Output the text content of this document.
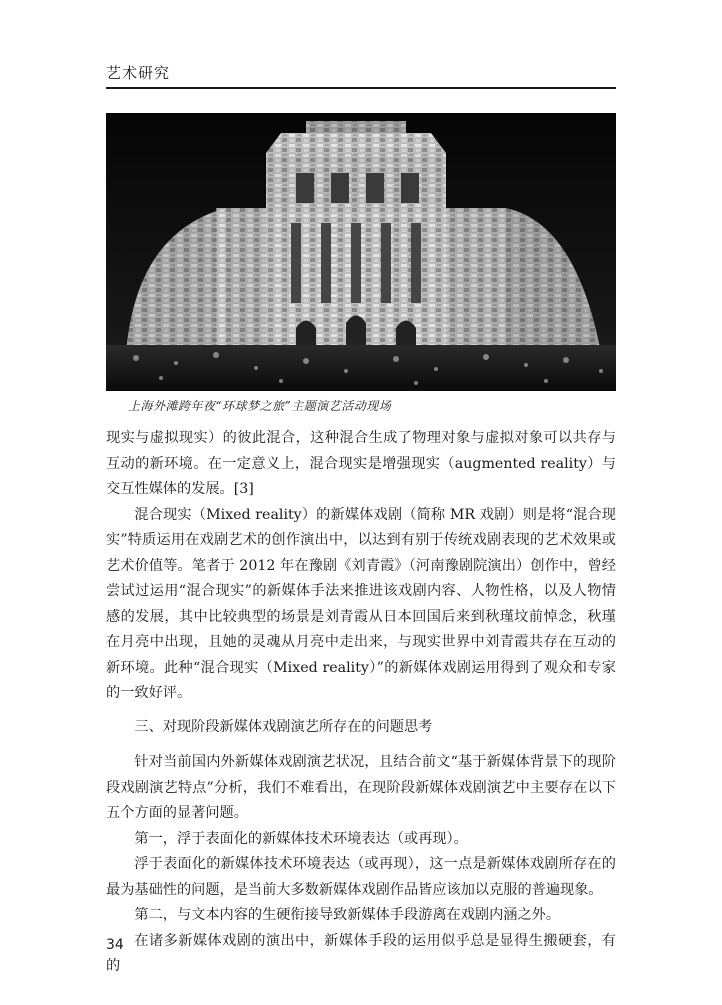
艺术研究
上海外滩跨年夜“环球梦之旅”主题演艺活动现场

现实与虚拟现实）的彼此混合，这种混合生成了物理对象与虚拟对象可以共存与互动的新环境。在一定意义上，混合现实是增强现实（augmented reality）与交互性媒体的发展。[3]

混合现实（Mixed reality）的新媒体戏剧（简称 MR 戏剧）则是将“混合现实”特质运用在戏剧艺术的创作演出中，以达到有别于传统戏剧表现的艺术效果或艺术价值等。笔者于 2012 年在豫剧《刘青霞》（河南豫剧院演出）创作中，曾经尝试过运用“混合现实”的新媒体手法来推进该戏剧内容、人物性格，以及人物情感的发展，其中比较典型的场景是刘青霞从日本回国后来到秋瑾坟前悼念，秋瑾在月亮中出现，且她的灵魂从月亮中走出来，与现实世界中刘青霞共存在互动的新环境。此种“混合现实（Mixed reality）”的新媒体戏剧运用得到了观众和专家的一致好评。

三、对现阶段新媒体戏剧演艺所存在的问题思考

针对当前国内外新媒体戏剧演艺状况，且结合前文“基于新媒体背景下的现阶段戏剧演艺特点”分析，我们不难看出，在现阶段新媒体戏剧演艺中主要存在以下五个方面的显著问题。

第一，浮于表面化的新媒体技术环境表达（或再现）。

浮于表面化的新媒体技术环境表达（或再现），这一点是新媒体戏剧所存在的最为基础性的问题，是当前大多数新媒体戏剧作品皆应该加以克服的普遍现象。

第二，与文本内容的生硬衔接导致新媒体手段游离在戏剧内涵之外。

在诸多新媒体戏剧的演出中，新媒体手段的运用似乎总是显得生搬硬套，有的

34
